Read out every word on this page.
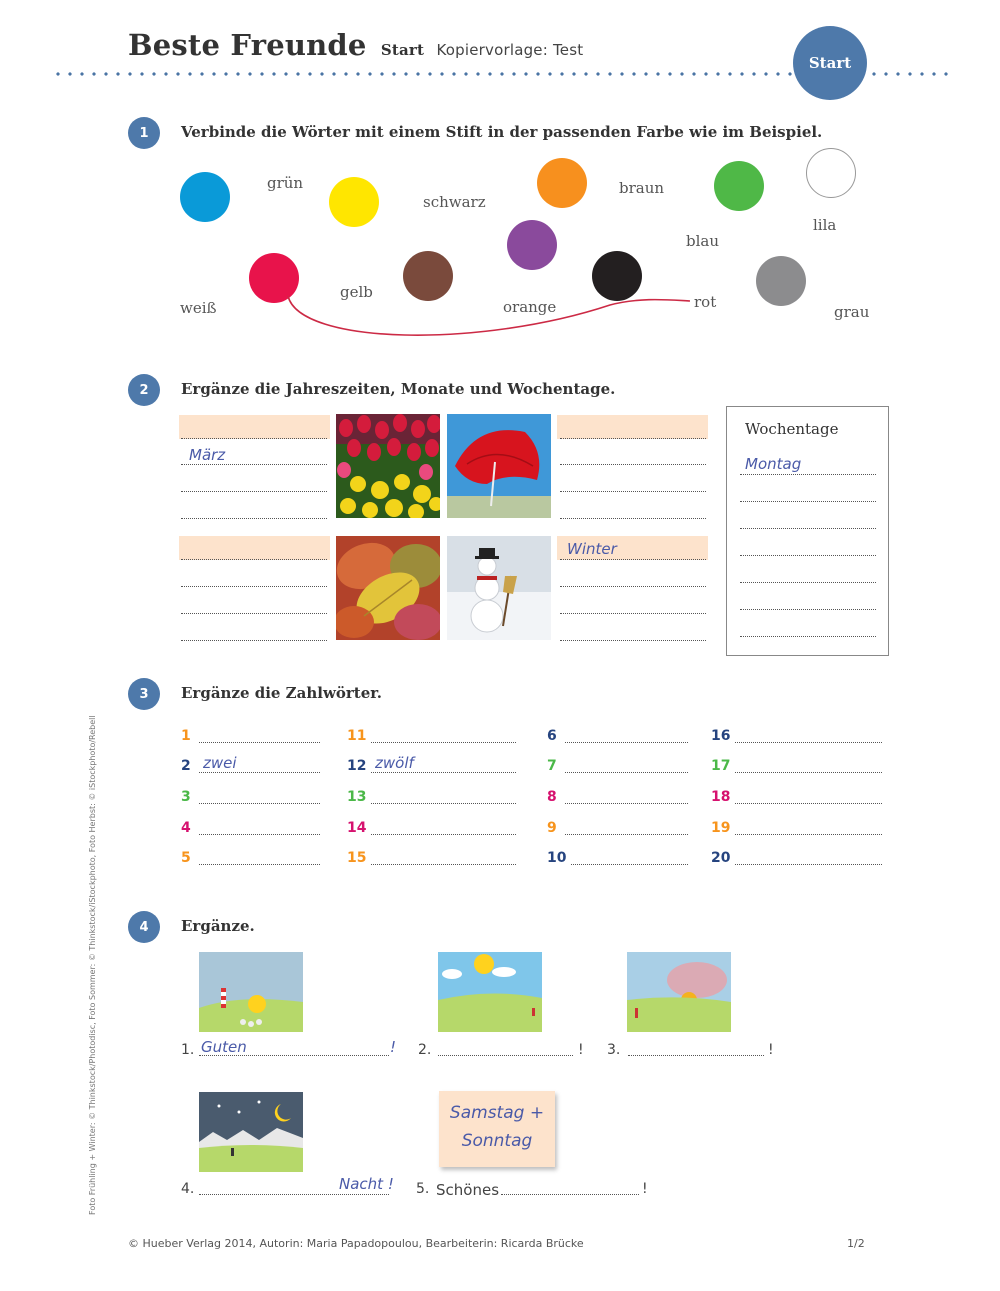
Beste Freunde Start Kopiervorlage: Test
Start
1	Verbinde die Wörter mit einem Stift in der passenden Farbe wie im Beispiel.
grün
schwarz
braun
lila
blau
weiß
gelb
orange	rot
grau
2	Ergänze die Jahreszeiten, Monate und Wochentage.
März
Winter
Wochentage
Montag
3	Ergänze die Zahlwörter.
1
2 zwei
3
4
5
11
12 zwölf
13
14
15
6
7
8
9
10
16
17
18
19
20
4	Ergänze.
1. Guten	! 2.	! 3.	!
4.	Nacht !
Samstag +
Sonntag
5. Schönes	!
Foto Frühling + Winter: © Thinkstock/Photodisc, Foto Sommer: © Thinkstock/iStockphoto, Foto Herbst: © iStockphoto/Rebell
© Hueber Verlag 2014, Autorin: Maria Papadopoulou, Bearbeiterin: Ricarda Brücke	1/2
